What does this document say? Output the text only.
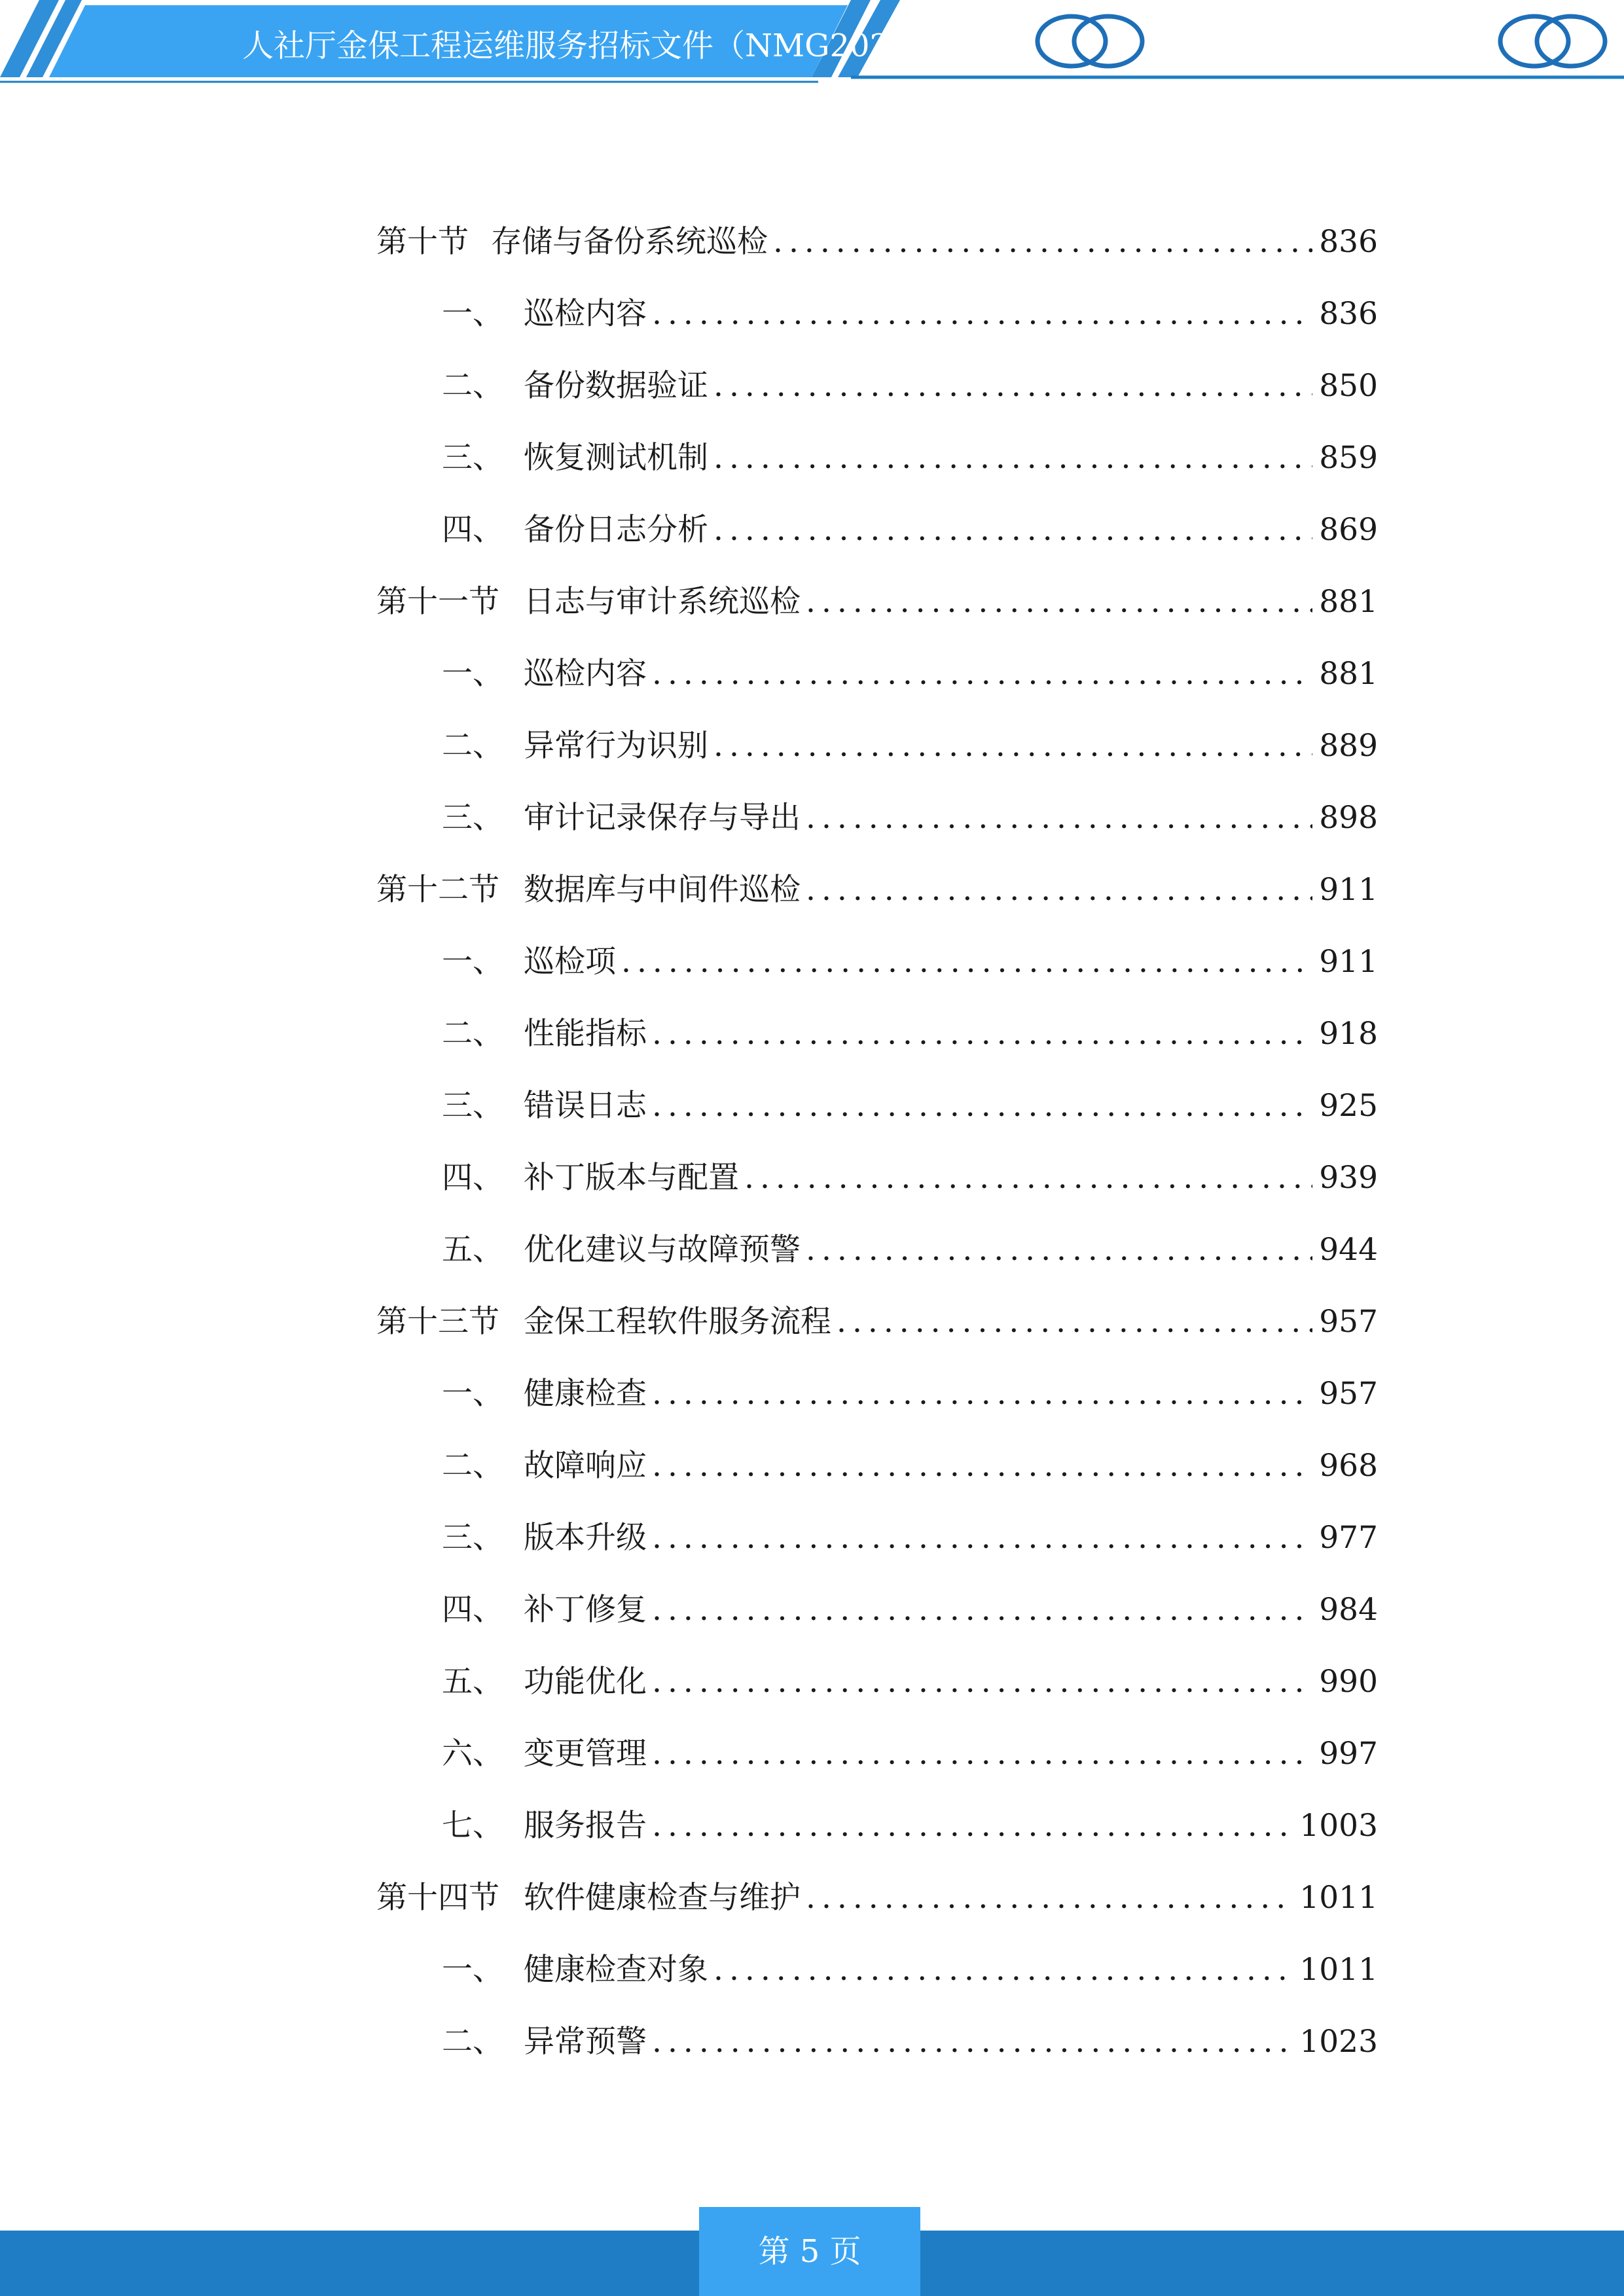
人社厅金保工程运维服务招标文件（NMG2025-
第十节 存储与备份系统巡检 .....	836
一、 巡检内容 .....	836
二、 备份数据验证 .....	850
三、 恢复测试机制 .....	859
四、 备份日志分析 .....	869
第十一节 日志与审计系统巡检 .....	881
一、 巡检内容 .....	881
二、 异常行为识别 .....	889
三、 审计记录保存与导出 .....	898
第十二节 数据库与中间件巡检 .....	911
一、 巡检项 .....	911
二、 性能指标 .....	918
三、 错误日志 .....	925
四、 补丁版本与配置 .....	939
五、 优化建议与故障预警 .....	944
第十三节 金保工程软件服务流程 .....	957
一、 健康检查 .....	957
二、 故障响应 .....	968
三、 版本升级 .....	977
四、 补丁修复 .....	984
五、 功能优化 .....	990
六、 变更管理 .....	997
七、 服务报告 .....	1003
第十四节 软件健康检查与维护 .....	1011
一、 健康检查对象 .....	1011
二、 异常预警 .....	1023
第 5 页
